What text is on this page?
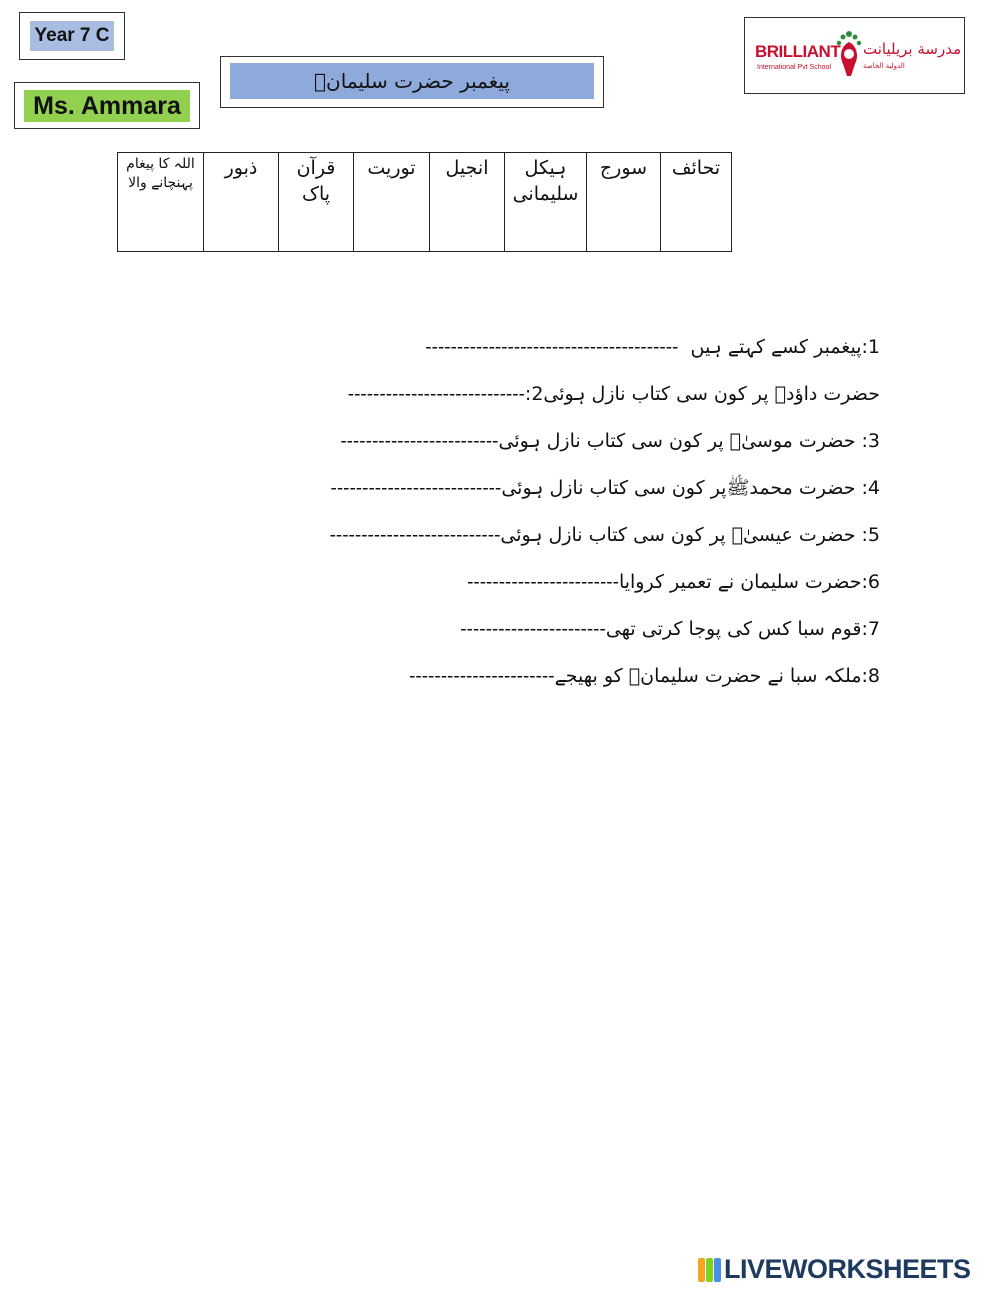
Year 7 C
Ms. Ammara
پیغمبر حضرت سلیمانؑ
BRILLIANT
International Pvt School
مدرسة بريليانت
الدولية الخاصة
تحائف	سورج	ہیکل سلیمانی	انجیل	توریت	قرآن پاک	ذبور	اللہ کا پیغام پہنچانے والا
1:پیغمبر کسے کہتے ہیں  ----------------------------------------
حضرت داؤدؑ پر کون سی کتاب نازل ہوئی2:----------------------------
3: حضرت موسیٰؑ پر کون سی کتاب نازل ہوئی-------------------------
4: حضرت محمدﷺپر کون سی کتاب نازل ہوئی---------------------------
5: حضرت عیسیٰؑ پر کون سی کتاب نازل ہوئی---------------------------
6:حضرت سلیمان نے تعمیر کروایا------------------------
7:قوم سبا کس کی پوجا کرتی تھی-----------------------
8:ملکہ سبا نے حضرت سلیمانؑ کو بھیجے-----------------------
LIVEWORKSHEETS
